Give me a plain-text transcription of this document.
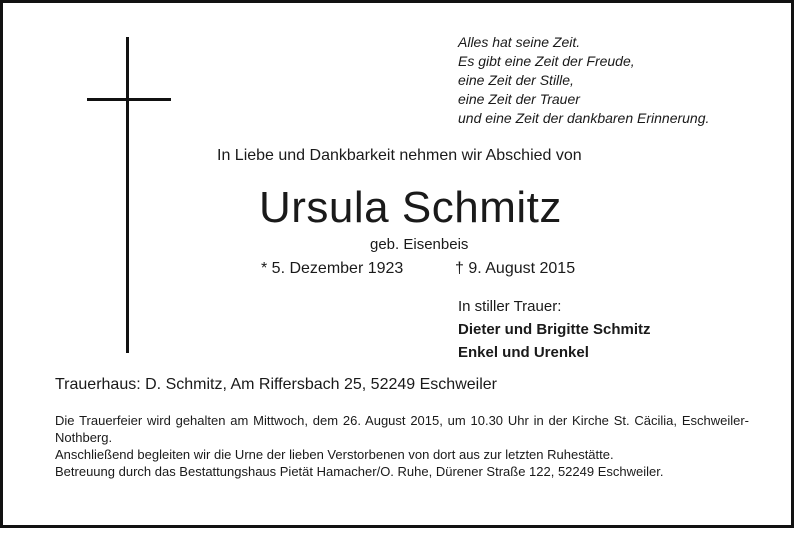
Alles hat seine Zeit.
Es gibt eine Zeit der Freude,
eine Zeit der Stille,
eine Zeit der Trauer
und eine Zeit der dankbaren Erinnerung.
In Liebe und Dankbarkeit nehmen wir Abschied von
Ursula Schmitz
geb. Eisenbeis
* 5. Dezember 1923	† 9. August 2015
In stiller Trauer:
Dieter und Brigitte Schmitz
Enkel und Urenkel
Trauerhaus: D. Schmitz, Am Riffersbach 25, 52249 Eschweiler

Die Trauerfeier wird gehalten am Mittwoch, dem 26. August 2015, um 10.30 Uhr in der Kirche St. Cäcilia, Eschweiler-Nothberg.

Anschließend begleiten wir die Urne der lieben Verstorbenen von dort aus zur letzten Ruhestätte.

Betreuung durch das Bestattungshaus Pietät Hamacher/O. Ruhe, Dürener Straße 122, 52249 Eschweiler.
